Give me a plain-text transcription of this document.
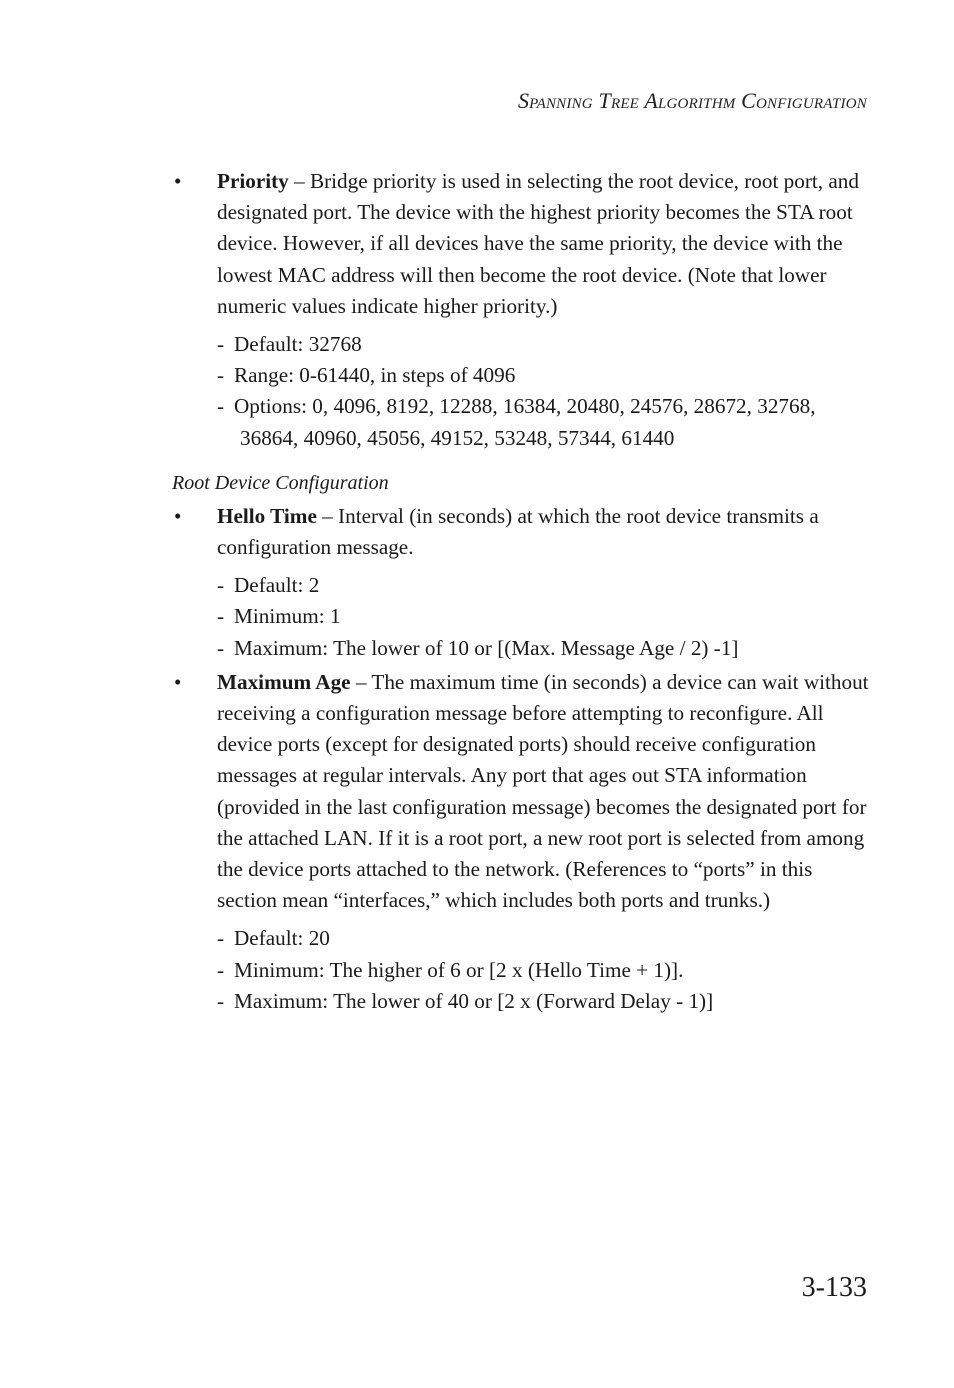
Spanning Tree Algorithm Configuration
• Priority – Bridge priority is used in selecting the root device, root port, and designated port. The device with the highest priority becomes the STA root device. However, if all devices have the same priority, the device with the lowest MAC address will then become the root device. (Note that lower numeric values indicate higher priority.)

- Default: 32768
- Range: 0-61440, in steps of 4096
- Options: 0, 4096, 8192, 12288, 16384, 20480, 24576, 28672, 32768,
36864, 40960, 45056, 49152, 53248, 57344, 61440

Root Device Configuration

• Hello Time – Interval (in seconds) at which the root device transmits a configuration message.

- Default: 2
- Minimum: 1
- Maximum: The lower of 10 or [(Max. Message Age / 2) -1]
• Maximum Age – The maximum time (in seconds) a device can wait without receiving a configuration message before attempting to reconfigure. All device ports (except for designated ports) should receive configuration messages at regular intervals. Any port that ages out STA information (provided in the last configuration message) becomes the designated port for the attached LAN. If it is a root port, a new root port is selected from among the device ports attached to the network. (References to “ports” in this section mean “interfaces,” which includes both ports and trunks.)

- Default: 20
- Minimum: The higher of 6 or [2 x (Hello Time + 1)].
- Maximum: The lower of 40 or [2 x (Forward Delay - 1)]
3-133
